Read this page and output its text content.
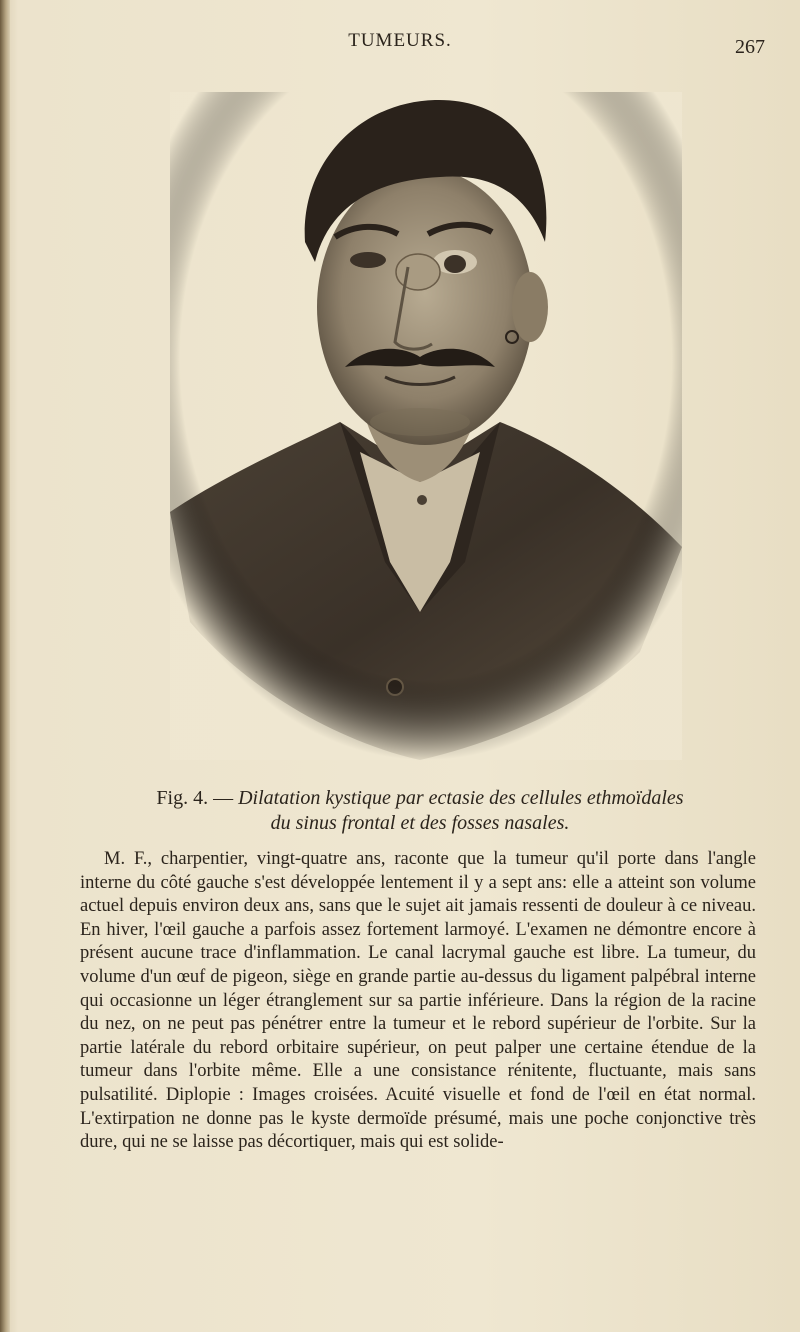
TUMEURS.	267
Fig. 4. — Dilatation kystique par ectasie des cellules ethmoïdales
du sinus frontal et des fosses nasales.
M. F., charpentier, vingt-quatre ans, raconte que la tumeur qu'il porte dans l'angle interne du côté gauche s'est développée lentement il y a sept ans: elle a atteint son volume actuel depuis environ deux ans, sans que le sujet ait jamais ressenti de douleur à ce niveau. En hiver, l'œil gauche a parfois assez fortement larmoyé. L'examen ne démontre encore à présent aucune trace d'inflammation. Le canal lacrymal gauche est libre. La tumeur, du volume d'un œuf de pigeon, siège en grande partie au-dessus du ligament palpébral interne qui occasionne un léger étranglement sur sa partie inférieure. Dans la région de la racine du nez, on ne peut pas pénétrer entre la tumeur et le rebord supérieur de l'orbite. Sur la partie latérale du rebord orbitaire supérieur, on peut palper une certaine étendue de la tumeur dans l'orbite même. Elle a une consistance rénitente, fluctuante, mais sans pulsatilité. Diplopie : Images croisées. Acuité visuelle et fond de l'œil en état normal. L'extirpation ne donne pas le kyste dermoïde présumé, mais une poche conjonctive très dure, qui ne se laisse pas décortiquer, mais qui est solide-
